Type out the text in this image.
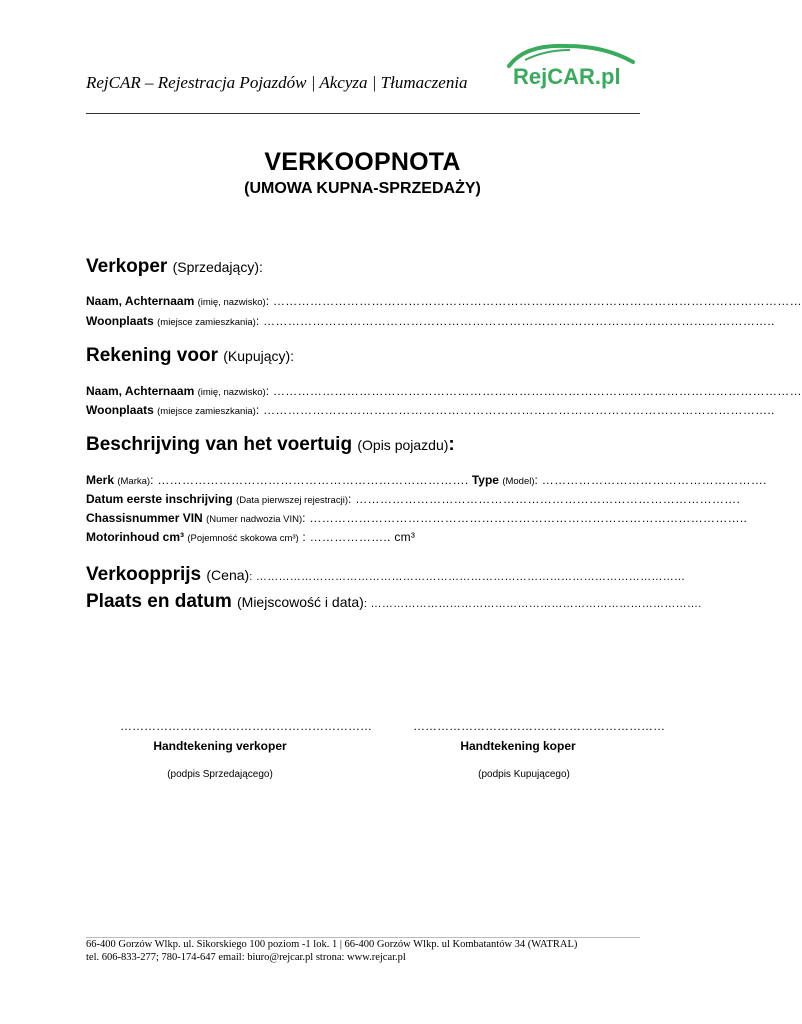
RejCAR – Rejestracja Pojazdów | Akcyza | Tłumaczenia RejCAR.pl
VERKOOPNOTA
(UMOWA KUPNA-SPRZEDAŻY)
Verkoper (Sprzedający):
Naam, Achternaam (imię, nazwisko): …………………………………………………………………………………………………………………
Woonplaats (miejsce zamieszkania): ……………………………………………………………………………………………………………..
Rekening voor (Kupujący):
Naam, Achternaam (imię, nazwisko): …………………………………………………………………………………………………………………
Woonplaats (miejsce zamieszkania): ……………………………………………………………………………………………………………..
Beschrijving van het voertuig (Opis pojazdu):
Merk (Marka): …………………………………………………………………. Type (Model): ……………………………………………….
Datum eerste inschrijving (Data pierwszej rejestracji): ………………………………………………………………………………….
Chassisnummer VIN (Numer nadwozia VIN): ……………………………………………………………………………………………..
Motorinhoud cm³ (Pojemność skokowa cm³) : ……………….. cm³
Verkoopprijs (Cena): ……………………………………………………………………………………………………
Plaats en datum (Miejscowość i data): …………………………………………………………………………….
………………………………………………………
Handtekening verkoper
(podpis Sprzedającego)
………………………………………………………
Handtekening koper
(podpis Kupującego)
66-400 Gorzów Wlkp. ul. Sikorskiego 100 poziom -1 lok. 1 | 66-400 Gorzów Wlkp. ul Kombatantów 34 (WATRAL)
tel. 606-833-277; 780-174-647 email: biuro@rejcar.pl strona: www.rejcar.pl
